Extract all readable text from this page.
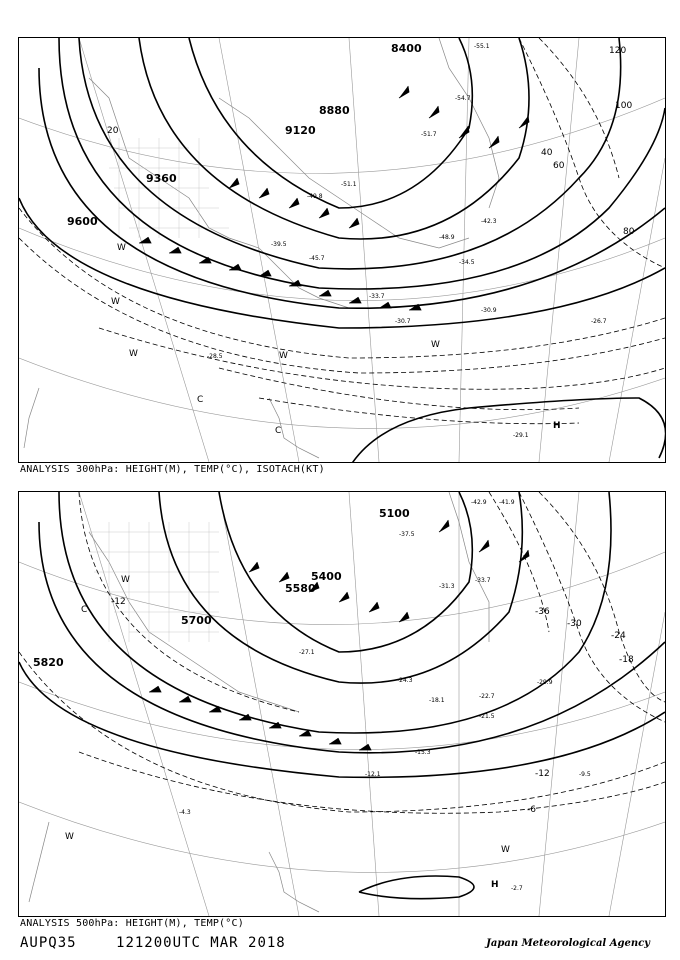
8400
8880
9120
9360
9600
20
40
60
80
100
120
W
W
W	W
W
C
C	H
-55.1
-54.7
-51.7
-51.1
-49.8
-48.9
-45.7
-42.3
-39.5
-34.5
-33.7
-30.9
-30.7
-29.1
-28.5
-26.7
ANALYSIS 300hPa: HEIGHT(M), TEMP(°C), ISOTACH(KT)
5100
5400
5580
5700
5820
-36
-30
-24
-18
-12
-6
-12
C
W
W
W
H
-42.9 -41.9
-37.5
-33.7
-31.3
-29.9
-27.1
-24.3
-22.7
-21.5
-18.1
-15.3
-12.1	-9.5
-4.3
-2.7
ANALYSIS 500hPa: HEIGHT(M), TEMP(°C)
AUPQ35	121200UTC MAR 2018	Japan Meteorological Agency
